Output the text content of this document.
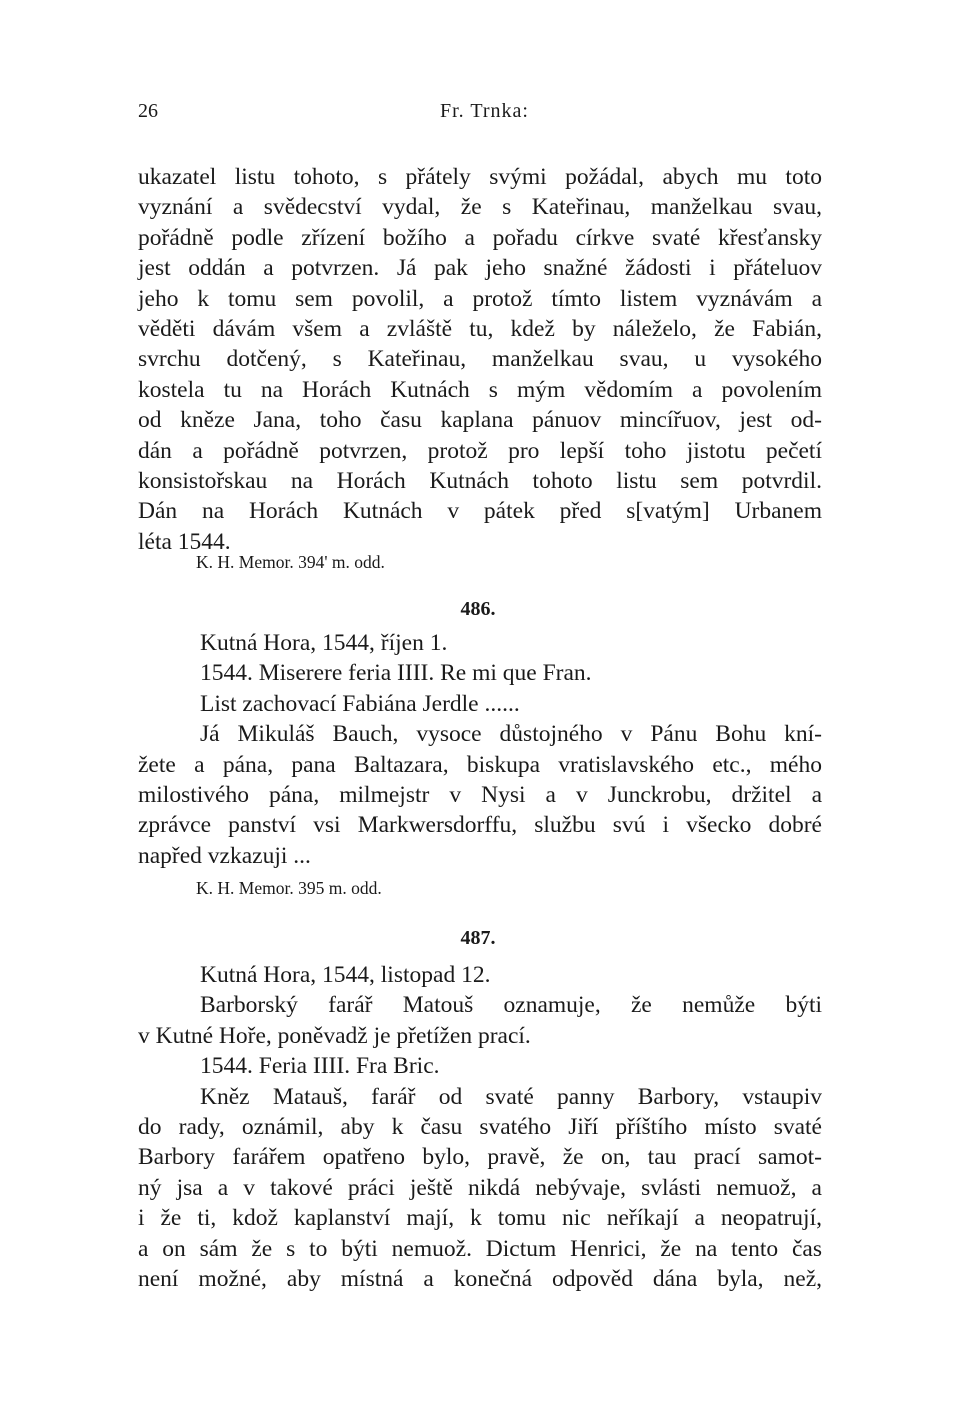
26	Fr. Trnka:
ukazatel listu tohoto, s přátely svými požádal, abych mu toto
vyznání a svědecství vydal, že s Kateřinau, manželkau svau,
pořádně podle zřízení božího a pořadu církve svaté křesťansky
jest oddán a potvrzen. Já pak jeho snažné žádosti i přáteluov
jeho k tomu sem povolil, a protož tímto listem vyznávám a
věděti dávám všem a zvláště tu, kdež by náleželo, že Fabián,
svrchu dotčený, s Kateřinau, manželkau svau, u vysokého
kostela tu na Horách Kutnách s mým vědomím a povolením
od kněze Jana, toho času kaplana pánuov mincířuov, jest od-
dán a pořádně potvrzen, protož pro lepší toho jistotu pečetí
konsistořskau na Horách Kutnách tohoto listu sem potvrdil.
Dán na Horách Kutnách v pátek před s[vatým] Urbanem
léta 1544.
K. H. Memor. 394' m. odd.
486.
Kutná Hora, 1544, říjen 1.
1544. Miserere feria IIII. Re mi que Fran.
List zachovací Fabiána Jerdle ......
Já Mikuláš Bauch, vysoce důstojného v Pánu Bohu kní-
žete a pána, pana Baltazara, biskupa vratislavského etc., mého
milostivého pána, milmejstr v Nysi a v Junckrobu, držitel a
zprávce panství vsi Markwersdorffu, službu svú i všecko dobré
napřed vzkazuji ...
K. H. Memor. 395 m. odd.
487.
Kutná Hora, 1544, listopad 12.
Barborský farář Matouš oznamuje, že nemůže býti
v Kutné Hoře, poněvadž je přetížen prací.
1544. Feria IIII. Fra Bric.
Kněz Matauš, farář od svaté panny Barbory, vstaupiv
do rady, oznámil, aby k času svatého Jiří příštího místo svaté
Barbory farářem opatřeno bylo, pravě, že on, tau prací samot-
ný jsa a v takové práci ještě nikdá nebývaje, svlásti nemuož, a
i že ti, kdož kaplanství mají, k tomu nic neříkají a neopatrují,
a on sám že s to býti nemuož. Dictum Henrici, že na tento čas
není možné, aby místná a konečná odpověd dána byla, než,
